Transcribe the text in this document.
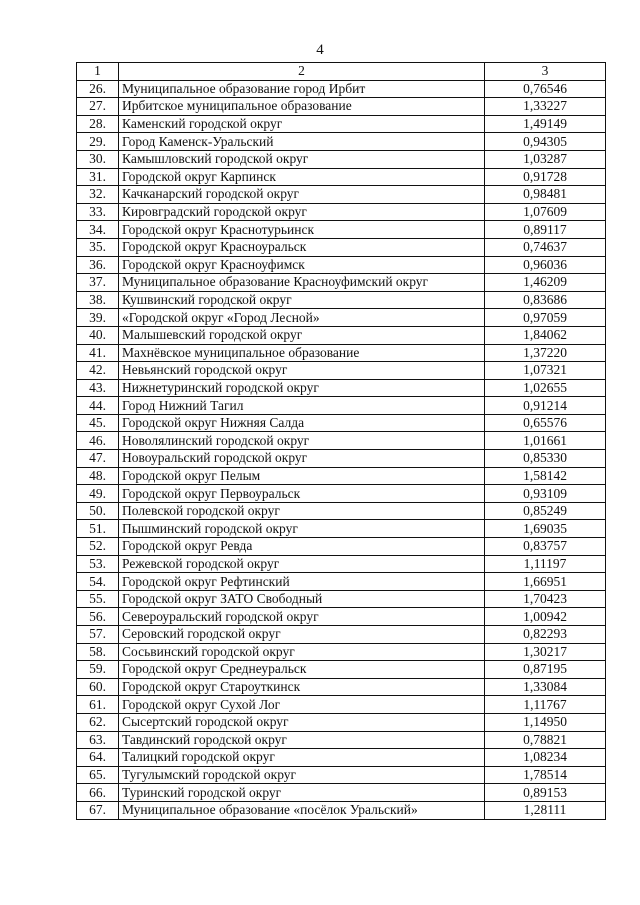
4
1	2	3
26.	Муниципальное образование город Ирбит	0,76546
27.	Ирбитское муниципальное образование	1,33227
28.	Каменский городской округ	1,49149
29.	Город Каменск-Уральский	0,94305
30.	Камышловский городской округ	1,03287
31.	Городской округ Карпинск	0,91728
32.	Качканарский городской округ	0,98481
33.	Кировградский городской округ	1,07609
34.	Городской округ Краснотурьинск	0,89117
35.	Городской округ Красноуральск	0,74637
36.	Городской округ Красноуфимск	0,96036
37.	Муниципальное образование Красноуфимский округ	1,46209
38.	Кушвинский городской округ	0,83686
39.	«Городской округ «Город Лесной»	0,97059
40.	Малышевский городской округ	1,84062
41.	Махнёвское муниципальное образование	1,37220
42.	Невьянский городской округ	1,07321
43.	Нижнетуринский городской округ	1,02655
44.	Город Нижний Тагил	0,91214
45.	Городской округ Нижняя Салда	0,65576
46.	Новолялинский городской округ	1,01661
47.	Новоуральский городской округ	0,85330
48.	Городской округ Пелым	1,58142
49.	Городской округ Первоуральск	0,93109
50.	Полевской городской округ	0,85249
51.	Пышминский городской округ	1,69035
52.	Городской округ Ревда	0,83757
53.	Режевской городской округ	1,11197
54.	Городской округ Рефтинский	1,66951
55.	Городской округ ЗАТО Свободный	1,70423
56.	Североуральский городской округ	1,00942
57.	Серовский городской округ	0,82293
58.	Сосьвинский городской округ	1,30217
59.	Городской округ Среднеуральск	0,87195
60.	Городской округ Староуткинск	1,33084
61.	Городской округ Сухой Лог	1,11767
62.	Сысертский городской округ	1,14950
63.	Тавдинский городской округ	0,78821
64.	Талицкий городской округ	1,08234
65.	Тугулымский городской округ	1,78514
66.	Туринский городской округ	0,89153
67.	Муниципальное образование «посёлок Уральский»	1,28111
